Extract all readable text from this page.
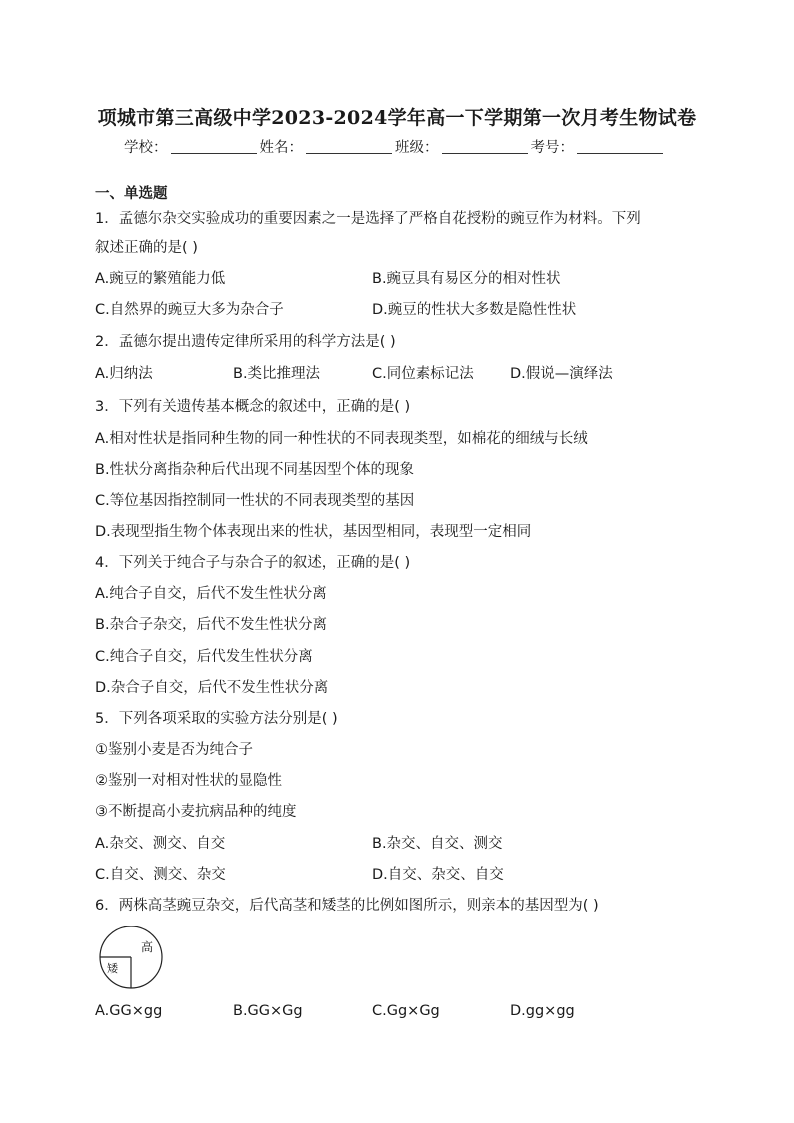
项城市第三高级中学2023-2024学年高一下学期第一次月考生物试卷
学校：	姓名：	班级：	考号：
一、单选题
1．孟德尔杂交实验成功的重要因素之一是选择了严格自花授粉的豌豆作为材料。下列
叙述正确的是( )
A.豌豆的繁殖能力低	B.豌豆具有易区分的相对性状
C.自然界的豌豆大多为杂合子	D.豌豆的性状大多数是隐性性状
2．孟德尔提出遗传定律所采用的科学方法是( )
A.归纳法	B.类比推理法	C.同位素标记法	D.假说—演绎法
3．下列有关遗传基本概念的叙述中，正确的是( )
A.相对性状是指同种生物的同一种性状的不同表现类型，如棉花的细绒与长绒
B.性状分离指杂种后代出现不同基因型个体的现象
C.等位基因指控制同一性状的不同表现类型的基因
D.表现型指生物个体表现出来的性状，基因型相同，表现型一定相同
4．下列关于纯合子与杂合子的叙述，正确的是( )
A.纯合子自交，后代不发生性状分离
B.杂合子杂交，后代不发生性状分离
C.纯合子自交，后代发生性状分离
D.杂合子自交，后代不发生性状分离
5．下列各项采取的实验方法分别是( )
①鉴别小麦是否为纯合子
②鉴别一对相对性状的显隐性
③不断提高小麦抗病品种的纯度
A.杂交、测交、自交	B.杂交、自交、测交
C.自交、测交、杂交	D.自交、杂交、自交
6．两株高茎豌豆杂交，后代高茎和矮茎的比例如图所示，则亲本的基因型为( )
高
矮
A.GG×gg	B.GG×Gg	C.Gg×Gg	D.gg×gg
